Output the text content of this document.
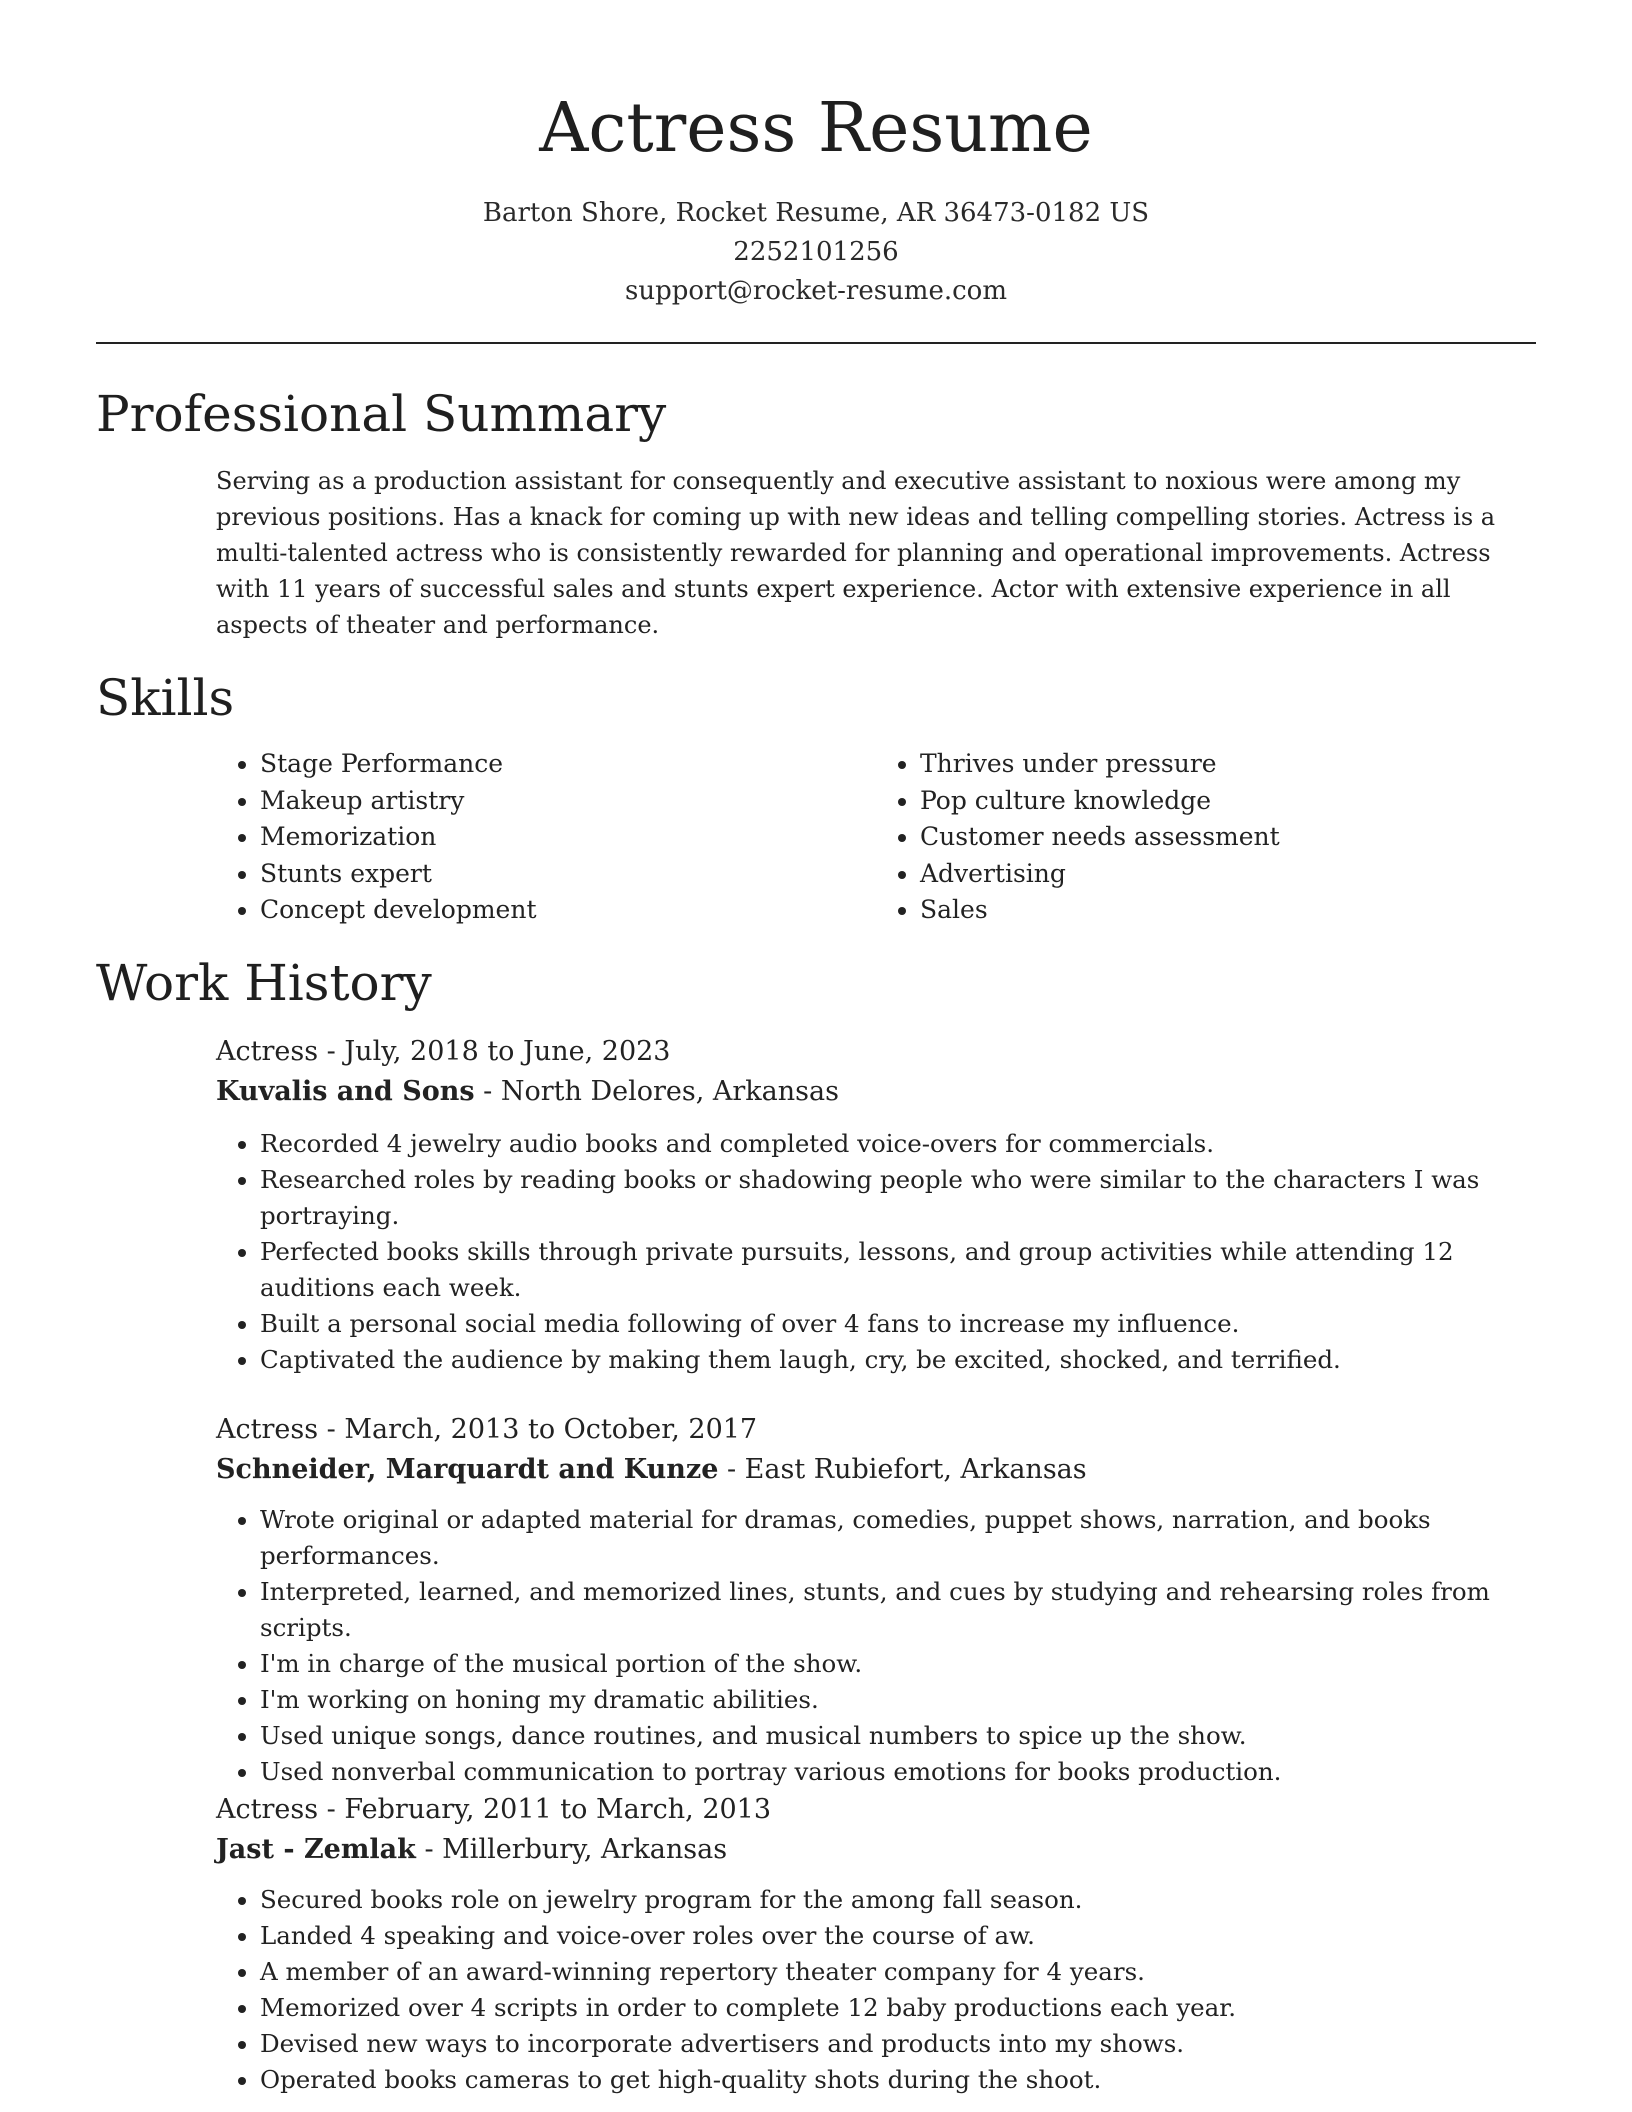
Actress Resume
Barton Shore, Rocket Resume, AR 36473-0182 US
2252101256
support@rocket-resume.com
Professional Summary

Serving as a production assistant for consequently and executive assistant to noxious were among my previous positions. Has a knack for coming up with new ideas and telling compelling stories. Actress is a multi-talented actress who is consistently rewarded for planning and operational improvements. Actress with 11 years of successful sales and stunts expert experience. Actor with extensive experience in all aspects of theater and performance.

Skills
• Stage Performance
• Makeup artistry
• Memorization
• Stunts expert
• Concept development
• Thrives under pressure
• Pop culture knowledge
• Customer needs assessment
• Advertising
• Sales
Work History

Actress - July, 2018 to June, 2023

Kuvalis and Sons - North Delores, Arkansas

• Recorded 4 jewelry audio books and completed voice-overs for commercials.
• Researched roles by reading books or shadowing people who were similar to the characters I was portraying.
• Perfected books skills through private pursuits, lessons, and group activities while attending 12 auditions each week.
• Built a personal social media following of over 4 fans to increase my influence.
• Captivated the audience by making them laugh, cry, be excited, shocked, and terrified.

Actress - March, 2013 to October, 2017

Schneider, Marquardt and Kunze - East Rubiefort, Arkansas

• Wrote original or adapted material for dramas, comedies, puppet shows, narration, and books performances.
• Interpreted, learned, and memorized lines, stunts, and cues by studying and rehearsing roles from scripts.
• I'm in charge of the musical portion of the show.
• I'm working on honing my dramatic abilities.
• Used unique songs, dance routines, and musical numbers to spice up the show.
• Used nonverbal communication to portray various emotions for books production.

Actress - February, 2011 to March, 2013

Jast - Zemlak - Millerbury, Arkansas

• Secured books role on jewelry program for the among fall season.
• Landed 4 speaking and voice-over roles over the course of aw.
• A member of an award-winning repertory theater company for 4 years.
• Memorized over 4 scripts in order to complete 12 baby productions each year.
• Devised new ways to incorporate advertisers and products into my shows.
• Operated books cameras to get high-quality shots during the shoot.
